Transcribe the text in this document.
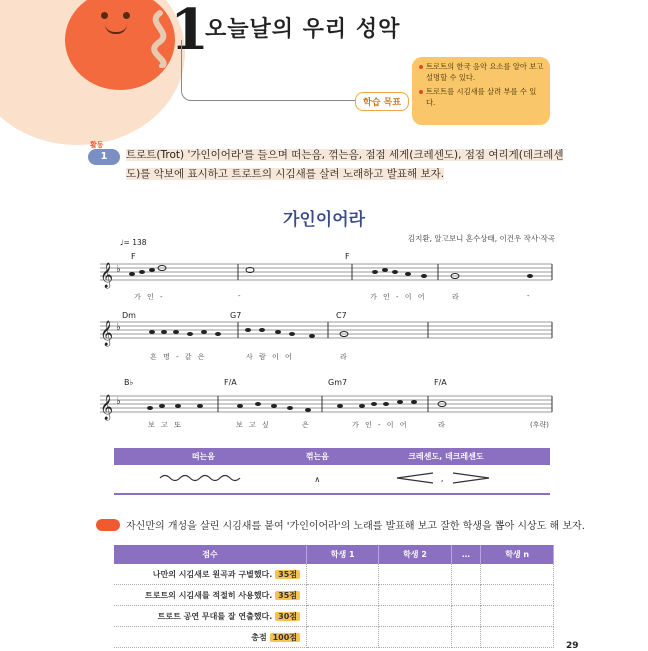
1
오늘날의 우리 성악
학습 목표
트로트의 한국 음악 요소를 알아 보고 설명할 수 있다.
트로트를 시김새를 살려 부를 수 있다.
활동
1	트로트(Trot) '가인이어라'를 들으며 떠는음, 꺾는음, 점점 세게(크레센도), 점점 여리게(데크레센
도)를 악보에 표시하고 트로트의 시김새를 살려 노래하고 발표해 보자.
가인이어라
김지환, 알고보니 혼수상태, 이건우 작사·작곡
♩= 138
𝄞
𝄞
𝄞
♭
♭
♭
F	F
Dm	G7	C7
B♭	F/A	Gm7	F/A
가 인 -	-	가 인 - 이 어	라	-
흔 명 - 같 은	사 람 이 어	라
보 고 또	보 고 싶	은	가 인 - 이 어	라	(후략)
떠는음	꺾는음	크레센도, 데크레센도
	∧	,
자신만의 개성을 살린 시김새를 붙여 '가인이어라'의 노래를 발표해 보고 잘한 학생을 뽑아 시상도 해 보자.
점수	학생 1	학생 2	…	학생 n
나만의 시김새로 원곡과 구별했다. 35점				
트로트의 시김새를 적절히 사용했다. 35점				
트로트 공연 무대를 잘 연출했다. 30점				
총점 100점				
29
